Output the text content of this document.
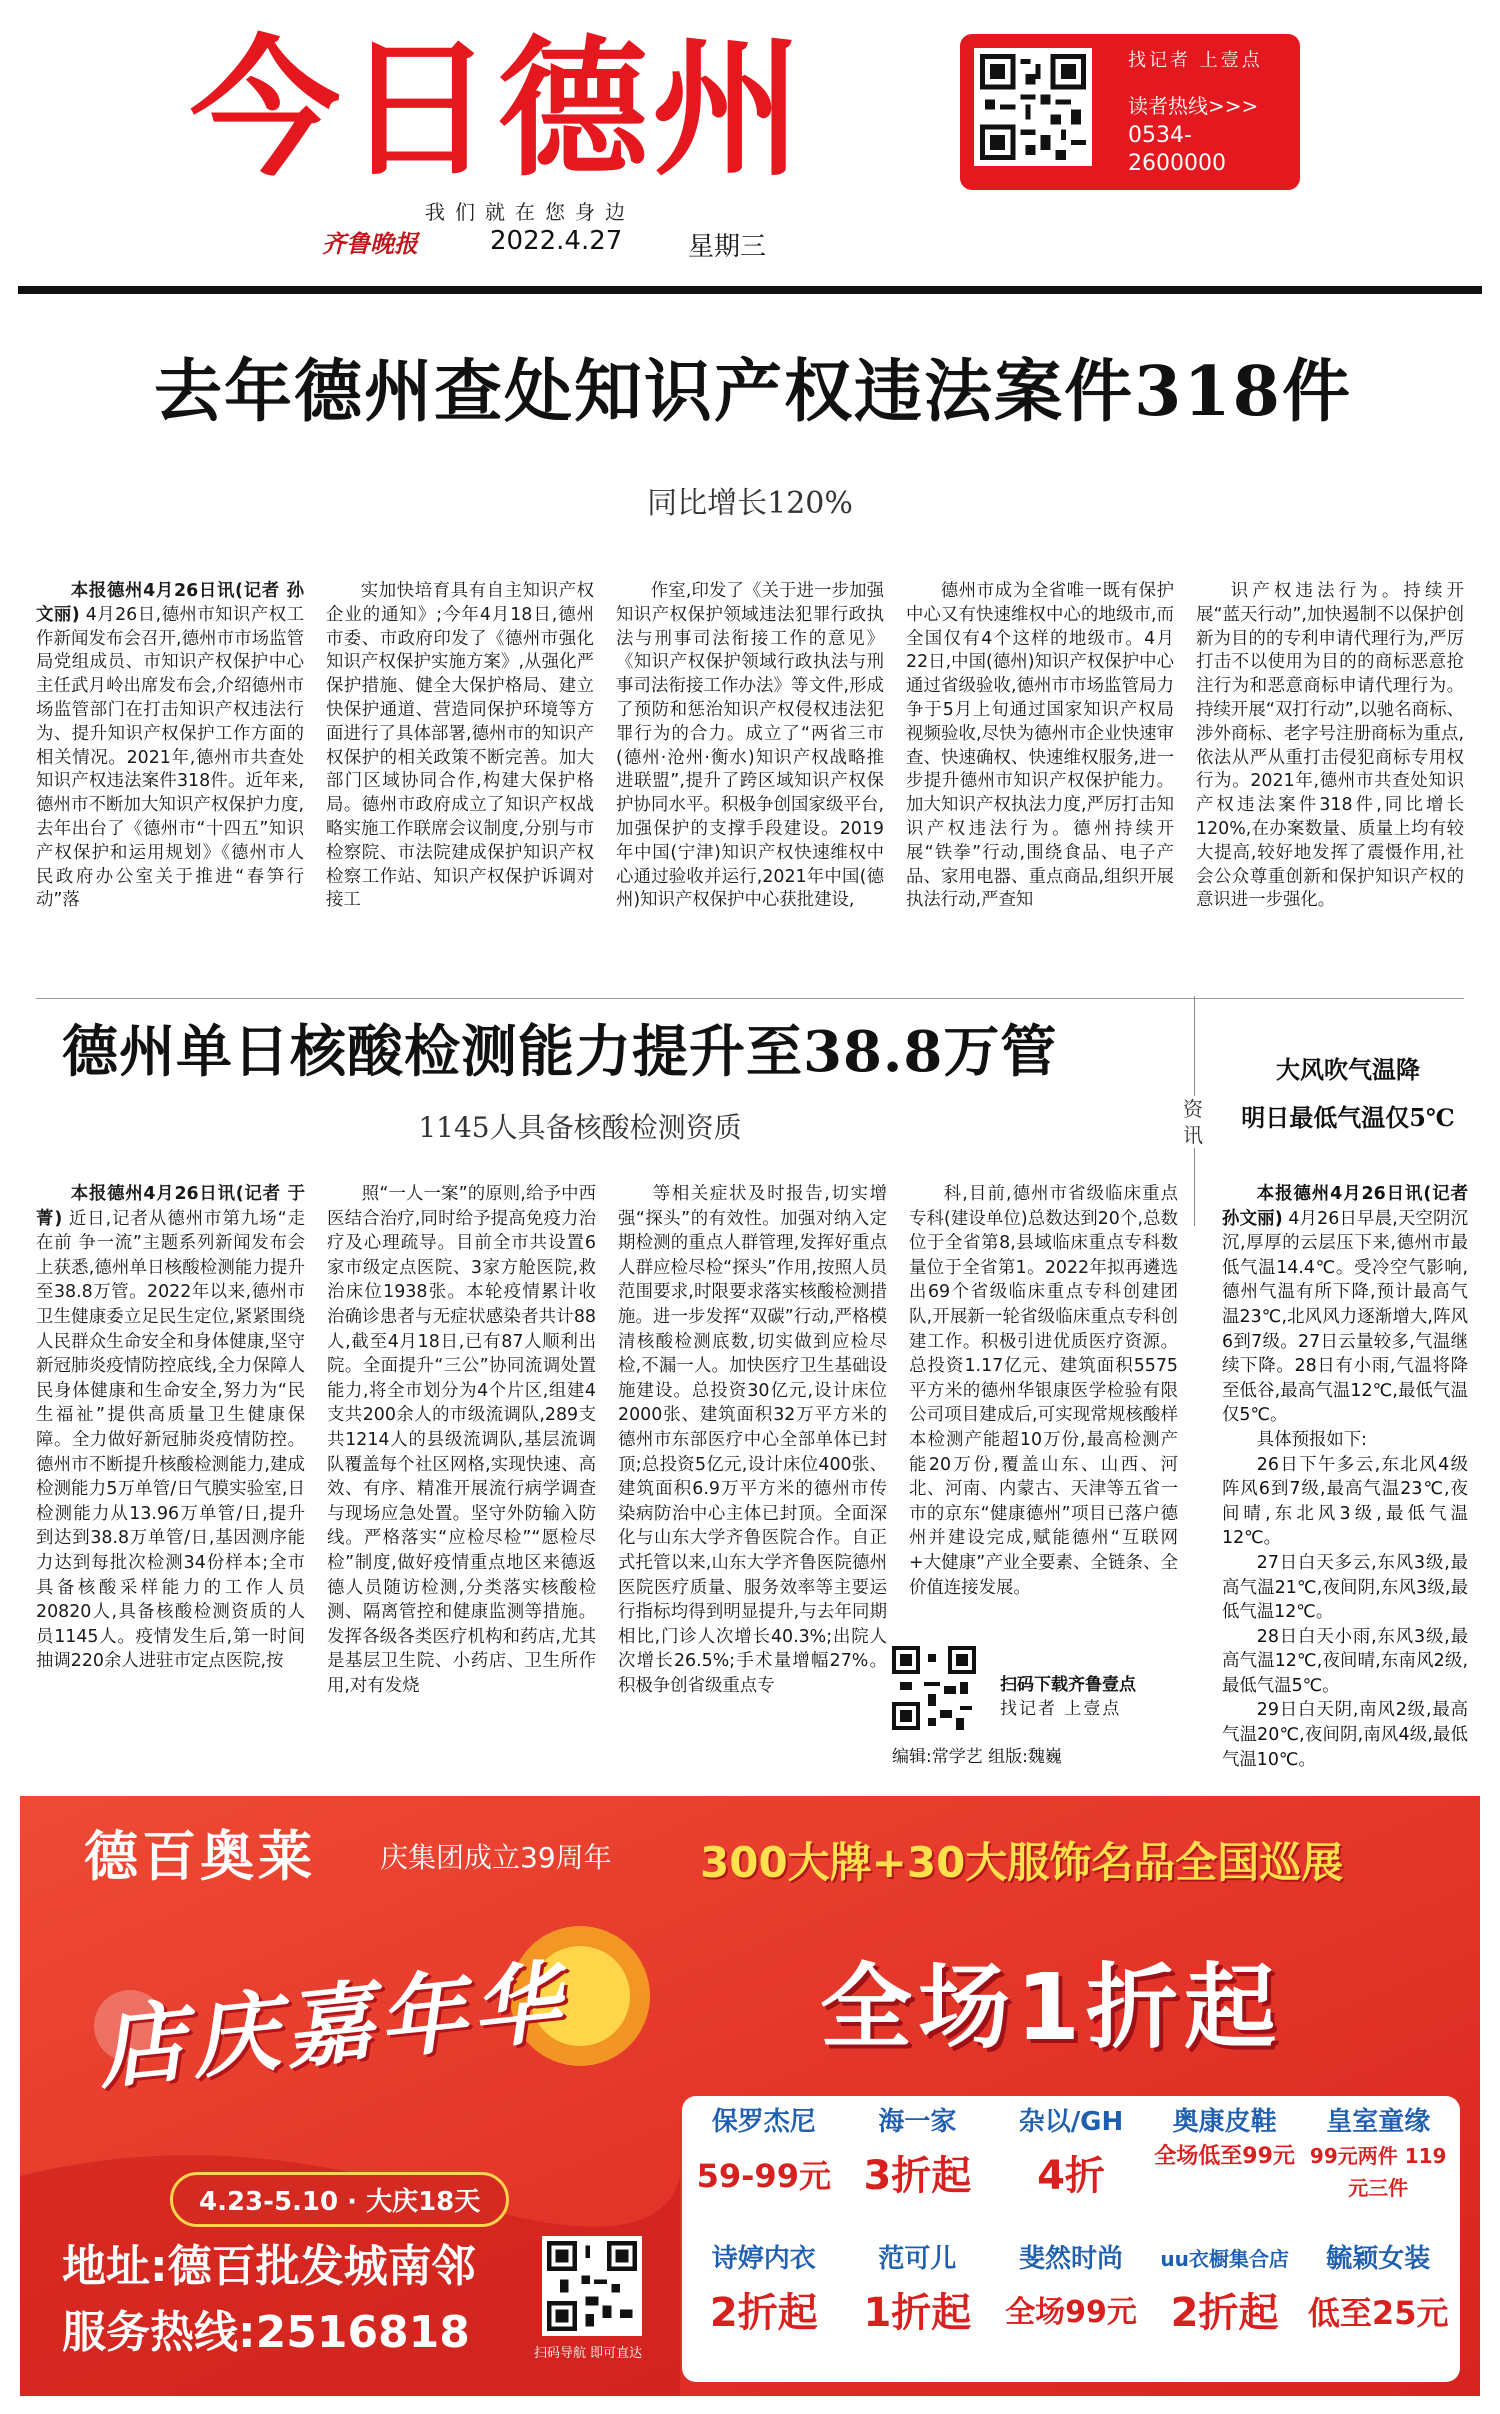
今日德州
我们就在您身边
齐鲁晚报	2022.4.27	星期三
找记者 上壹点
读者热线>>>
0534-2600000
去年德州查处知识产权违法案件318件
同比增长120%

本报德州4月26日讯(记者 孙文丽) 4月26日,德州市知识产权工作新闻发布会召开,德州市市场监管局党组成员、市知识产权保护中心主任武月岭出席发布会,介绍德州市场监管部门在打击知识产权违法行为、提升知识产权保护工作方面的相关情况。2021年,德州市共查处知识产权违法案件318件。近年来,德州市不断加大知识产权保护力度,去年出台了《德州市“十四五”知识产权保护和运用规划》《德州市人民政府办公室关于推进“春笋行动”落

实加快培育具有自主知识产权企业的通知》;今年4月18日,德州市委、市政府印发了《德州市强化知识产权保护实施方案》,从强化严保护措施、健全大保护格局、建立快保护通道、营造同保护环境等方面进行了具体部署,德州市的知识产权保护的相关政策不断完善。加大部门区域协同合作,构建大保护格局。德州市政府成立了知识产权战略实施工作联席会议制度,分别与市检察院、市法院建成保护知识产权检察工作站、知识产权保护诉调对接工

作室,印发了《关于进一步加强知识产权保护领域违法犯罪行政执法与刑事司法衔接工作的意见》《知识产权保护领域行政执法与刑事司法衔接工作办法》等文件,形成了预防和惩治知识产权侵权违法犯罪行为的合力。成立了“两省三市(德州·沧州·衡水)知识产权战略推进联盟”,提升了跨区域知识产权保护协同水平。积极争创国家级平台,加强保护的支撑手段建设。2019年中国(宁津)知识产权快速维权中心通过验收并运行,2021年中国(德州)知识产权保护中心获批建设,

德州市成为全省唯一既有保护中心又有快速维权中心的地级市,而全国仅有4个这样的地级市。4月22日,中国(德州)知识产权保护中心通过省级验收,德州市市场监管局力争于5月上旬通过国家知识产权局视频验收,尽快为德州市企业快速审查、快速确权、快速维权服务,进一步提升德州市知识产权保护能力。加大知识产权执法力度,严厉打击知识产权违法行为。德州持续开展“铁拳”行动,围绕食品、电子产品、家用电器、重点商品,组织开展执法行动,严查知

识产权违法行为。持续开展“蓝天行动”,加快遏制不以保护创新为目的的专利申请代理行为,严厉打击不以使用为目的的商标恶意抢注行为和恶意商标申请代理行为。持续开展“双打行动”,以驰名商标、涉外商标、老字号注册商标为重点,依法从严从重打击侵犯商标专用权行为。2021年,德州市共查处知识产权违法案件318件,同比增长120%,在办案数量、质量上均有较大提高,较好地发挥了震慑作用,社会公众尊重创新和保护知识产权的意识进一步强化。

德州单日核酸检测能力提升至38.8万管
1145人具备核酸检测资质

本报德州4月26日讯(记者 于菁) 近日,记者从德州市第九场“走在前 争一流”主题系列新闻发布会上获悉,德州单日核酸检测能力提升至38.8万管。2022年以来,德州市卫生健康委立足民生定位,紧紧围绕人民群众生命安全和身体健康,坚守新冠肺炎疫情防控底线,全力保障人民身体健康和生命安全,努力为“民生福祉”提供高质量卫生健康保障。全力做好新冠肺炎疫情防控。德州市不断提升核酸检测能力,建成检测能力5万单管/日气膜实验室,日检测能力从13.96万单管/日,提升到达到38.8万单管/日,基因测序能力达到每批次检测34份样本;全市具备核酸采样能力的工作人员20820人,具备核酸检测资质的人员1145人。疫情发生后,第一时间抽调220余人进驻市定点医院,按

照“一人一案”的原则,给予中西医结合治疗,同时给予提高免疫力治疗及心理疏导。目前全市共设置6家市级定点医院、3家方舱医院,救治床位1938张。本轮疫情累计收治确诊患者与无症状感染者共计88人,截至4月18日,已有87人顺利出院。全面提升“三公”协同流调处置能力,将全市划分为4个片区,组建4支共200余人的市级流调队,289支共1214人的县级流调队,基层流调队覆盖每个社区网格,实现快速、高效、有序、精准开展流行病学调查与现场应急处置。坚守外防输入防线。严格落实“应检尽检”“愿检尽检”制度,做好疫情重点地区来德返德人员随访检测,分类落实核酸检测、隔离管控和健康监测等措施。发挥各级各类医疗机构和药店,尤其是基层卫生院、小药店、卫生所作用,对有发烧

等相关症状及时报告,切实增强“探头”的有效性。加强对纳入定期检测的重点人群管理,发挥好重点人群应检尽检“探头”作用,按照人员范围要求,时限要求落实核酸检测措施。进一步发挥“双碳”行动,严格模清核酸检测底数,切实做到应检尽检,不漏一人。加快医疗卫生基础设施建设。总投资30亿元,设计床位2000张、建筑面积32万平方米的德州市东部医疗中心全部单体已封顶;总投资5亿元,设计床位400张、建筑面积6.9万平方米的德州市传染病防治中心主体已封顶。全面深化与山东大学齐鲁医院合作。自正式托管以来,山东大学齐鲁医院德州医院医疗质量、服务效率等主要运行指标均得到明显提升,与去年同期相比,门诊人次增长40.3%;出院人次增长26.5%;手术量增幅27%。积极争创省级重点专

科,目前,德州市省级临床重点专科(建设单位)总数达到20个,总数位于全省第8,县域临床重点专科数量位于全省第1。2022年拟再遴选出69个省级临床重点专科创建团队,开展新一轮省级临床重点专科创建工作。积极引进优质医疗资源。总投资1.17亿元、建筑面积5575平方米的德州华银康医学检验有限公司项目建成后,可实现常规核酸样本检测产能超10万份,最高检测产能20万份,覆盖山东、山西、河北、河南、内蒙古、天津等五省一市的京东“健康德州”项目已落户德州并建设完成,赋能德州“互联网+大健康”产业全要素、全链条、全价值连接发展。

扫码下载齐鲁壹点
找记者 上壹点
编辑:常学艺 组版:魏巍
资讯
大风吹气温降
明日最低气温仅5℃

本报德州4月26日讯(记者 孙文丽) 4月26日早晨,天空阴沉沉,厚厚的云层压下来,德州市最低气温14.4℃。受冷空气影响,德州气温有所下降,预计最高气温23℃,北风风力逐渐增大,阵风6到7级。27日云量较多,气温继续下降。28日有小雨,气温将降至低谷,最高气温12℃,最低气温仅5℃。

具体预报如下:

26日下午多云,东北风4级阵风6到7级,最高气温23℃,夜间晴,东北风3级,最低气温12℃。

27日白天多云,东风3级,最高气温21℃,夜间阴,东风3级,最低气温12℃。

28日白天小雨,东风3级,最高气温12℃,夜间晴,东南风2级,最低气温5℃。

29日白天阴,南风2级,最高气温20℃,夜间阴,南风4级,最低气温10℃。

德百奥莱 庆集团成立39周年
店庆嘉年华
4.23-5.10 · 大庆18天
地址:德百批发城南邻
服务热线:2516818	扫码导航 即可直达
300大牌+30大服饰名品全国巡展
全场1折起
保罗杰尼
59-99元
海一家
3折起
杂以/GH
4折
奥康皮鞋
全场低至99元
皇室童缘
99元两件 119元三件
诗婷内衣
2折起
范可儿
1折起
斐然时尚
全场99元
uu衣橱集合店
2折起
毓颖女装
低至25元
